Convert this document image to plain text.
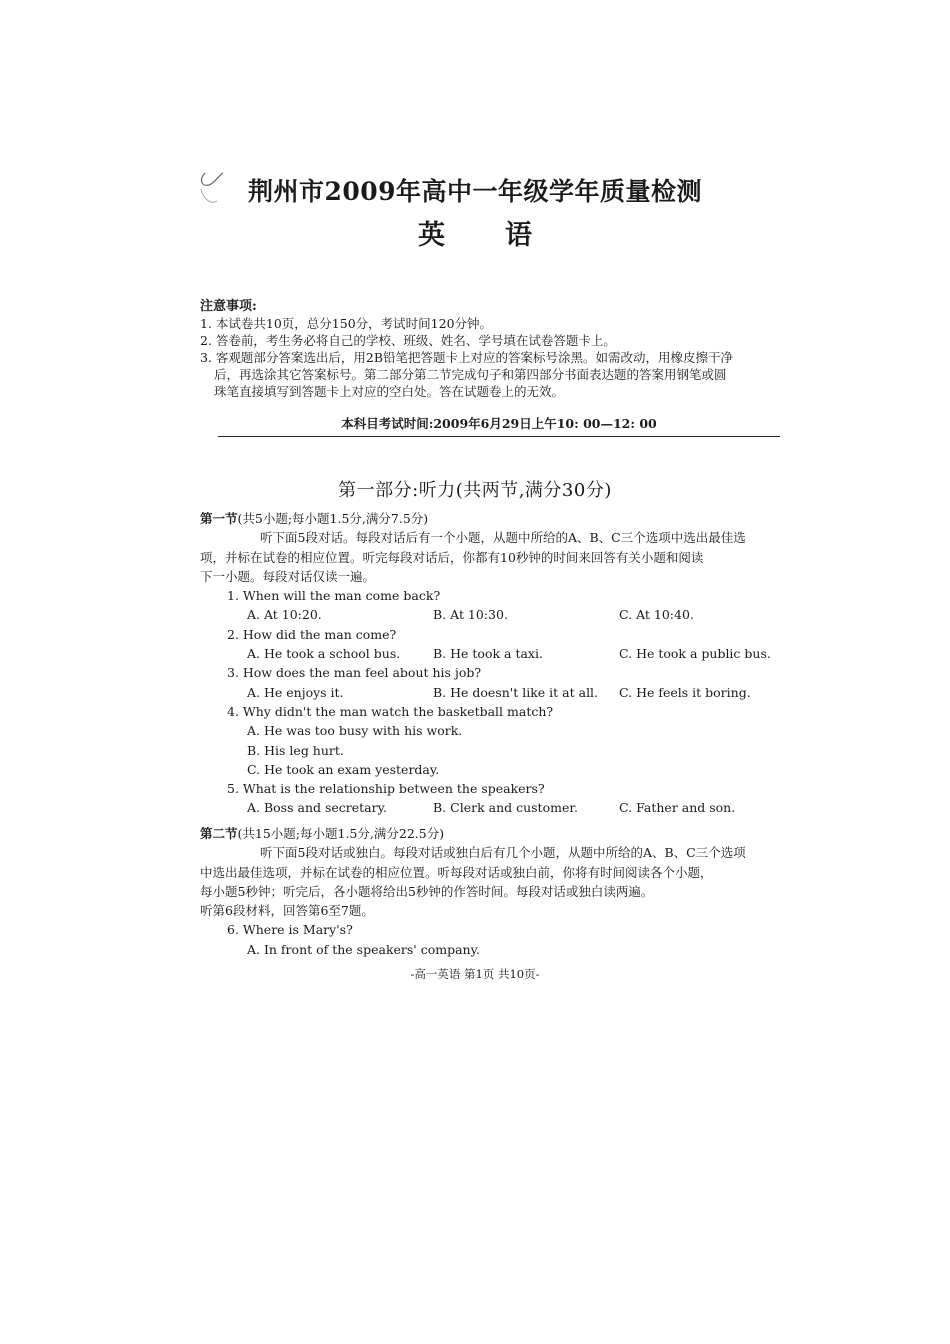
荆州市2009年高中一年级学年质量检测
英语
注意事项:
1. 本试卷共10页，总分150分，考试时间120分钟。
2. 答卷前，考生务必将自己的学校、班级、姓名、学号填在试卷答题卡上。
3. 客观题部分答案选出后，用2B铅笔把答题卡上对应的答案标号涂黑。如需改动，用橡皮擦干净
后，再选涂其它答案标号。第二部分第二节完成句子和第四部分书面表达题的答案用钢笔或圆
珠笔直接填写到答题卡上对应的空白处。答在试题卷上的无效。
本科目考试时间:2009年6月29日上午10: 00—12: 00
第一部分:听力(共两节,满分30分)
第一节(共5小题;每小题1.5分,满分7.5分)
听下面5段对话。每段对话后有一个小题，从题中所给的A、B、C三个选项中选出最佳选
项，并标在试卷的相应位置。听完每段对话后，你都有10秒钟的时间来回答有关小题和阅读
下一小题。每段对话仅读一遍。
1. When will the man come back?
A. At 10:20.	B. At 10:30.	C. At 10:40.
2. How did the man come?
A. He took a school bus.	B. He took a taxi.	C. He took a public bus.
3. How does the man feel about his job?
A. He enjoys it.	B. He doesn't like it at all.	C. He feels it boring.
4. Why didn't the man watch the basketball match?
A. He was too busy with his work.
B. His leg hurt.
C. He took an exam yesterday.
5. What is the relationship between the speakers?
A. Boss and secretary.	B. Clerk and customer.	C. Father and son.
第二节(共15小题;每小题1.5分,满分22.5分)
听下面5段对话或独白。每段对话或独白后有几个小题，从题中所给的A、B、C三个选项
中选出最佳选项，并标在试卷的相应位置。听每段对话或独白前，你将有时间阅读各个小题，
每小题5秒钟；听完后，各小题将给出5秒钟的作答时间。每段对话或独白读两遍。
听第6段材料，回答第6至7题。
6. Where is Mary's?
A. In front of the speakers' company.
-高一英语 第1页 共10页-
